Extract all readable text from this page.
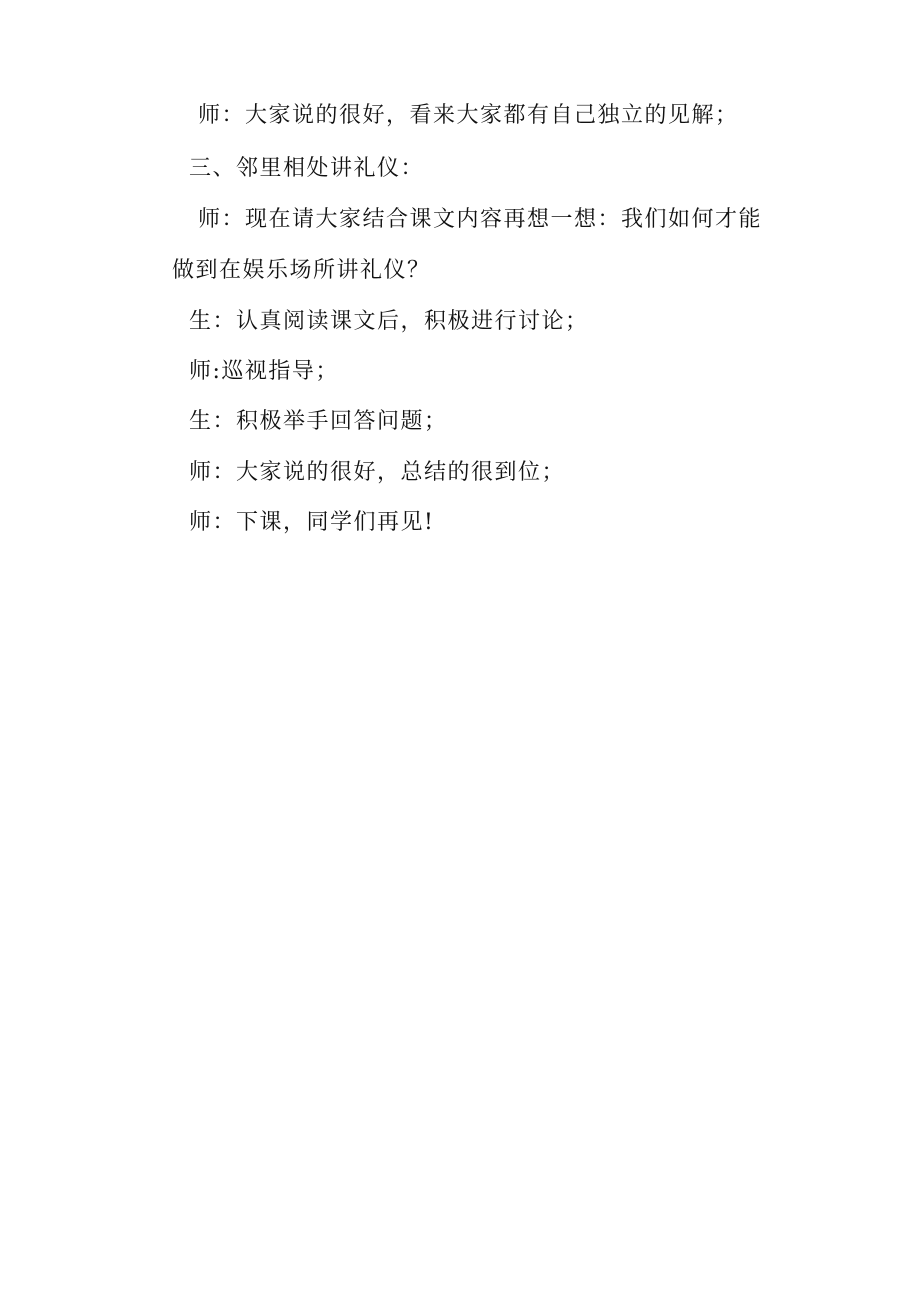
师：大家说的很好，看来大家都有自己独立的见解；

三、邻里相处讲礼仪：

师：现在请大家结合课文内容再想一想：我们如何才能

做到在娱乐场所讲礼仪？

生：认真阅读课文后，积极进行讨论；

师:巡视指导；

生：积极举手回答问题；

师：大家说的很好，总结的很到位；

师：下课，同学们再见!
